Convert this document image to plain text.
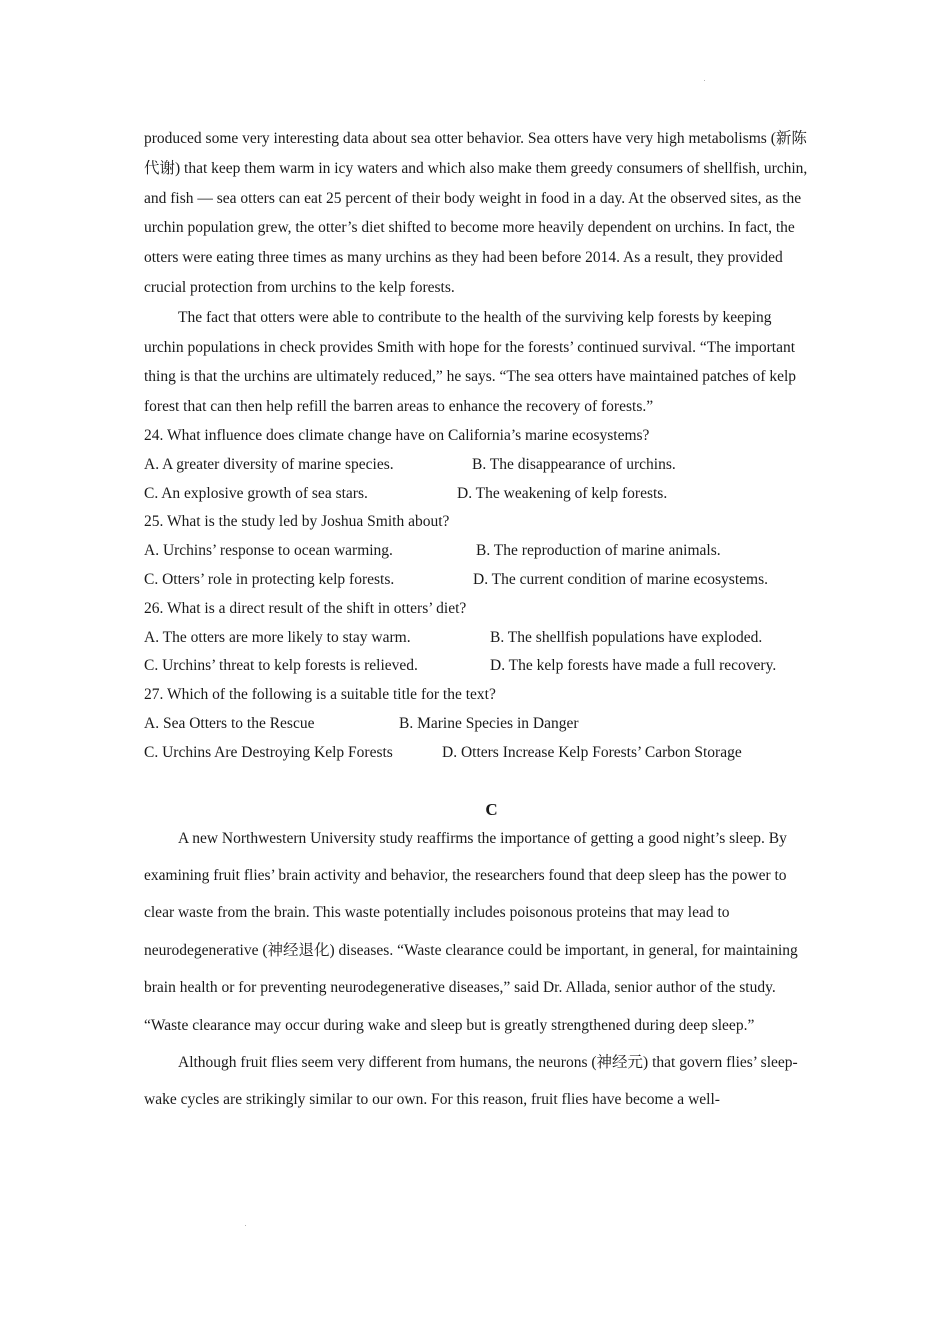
produced some very interesting data about sea otter behavior. Sea otters have very high metabolisms (新陈代谢) that keep them warm in icy waters and which also make them greedy consumers of shellfish, urchin, and fish — sea otters can eat 25 percent of their body weight in food in a day. At the observed sites, as the urchin population grew, the otter’s diet shifted to become more heavily dependent on urchins. In fact, the otters were eating three times as many urchins as they had been before 2014. As a result, they provided crucial protection from urchins to the kelp forests.

The fact that otters were able to contribute to the health of the surviving kelp forests by keeping urchin populations in check provides Smith with hope for the forests’ continued survival. “The important thing is that the urchins are ultimately reduced,” he says. “The sea otters have maintained patches of kelp forest that can then help refill the barren areas to enhance the recovery of forests.”

24. What influence does climate change have on California’s marine ecosystems?

A. A greater diversity of marine species.	B. The disappearance of urchins.
C. An explosive growth of sea stars.	D. The weakening of kelp forests.

25. What is the study led by Joshua Smith about?

A. Urchins’ response to ocean warming.	B. The reproduction of marine animals.
C. Otters’ role in protecting kelp forests.	D. The current condition of marine ecosystems.

26. What is a direct result of the shift in otters’ diet?

A. The otters are more likely to stay warm.	B. The shellfish populations have exploded.
C. Urchins’ threat to kelp forests is relieved.	D. The kelp forests have made a full recovery.

27. Which of the following is a suitable title for the text?

A. Sea Otters to the Rescue	B. Marine Species in Danger
C. Urchins Are Destroying Kelp Forests	D. Otters Increase Kelp Forests’ Carbon Storage
C

A new Northwestern University study reaffirms the importance of getting a good night’s sleep. By examining fruit flies’ brain activity and behavior, the researchers found that deep sleep has the power to clear waste from the brain. This waste potentially includes poisonous proteins that may lead to neurodegenerative (神经退化) diseases. “Waste clearance could be important, in general, for maintaining brain health or for preventing neurodegenerative diseases,” said Dr. Allada, senior author of the study. “Waste clearance may occur during wake and sleep but is greatly strengthened during deep sleep.”

Although fruit flies seem very different from humans, the neurons (神经元) that govern flies’ sleep-wake cycles are strikingly similar to our own. For this reason, fruit flies have become a well-
